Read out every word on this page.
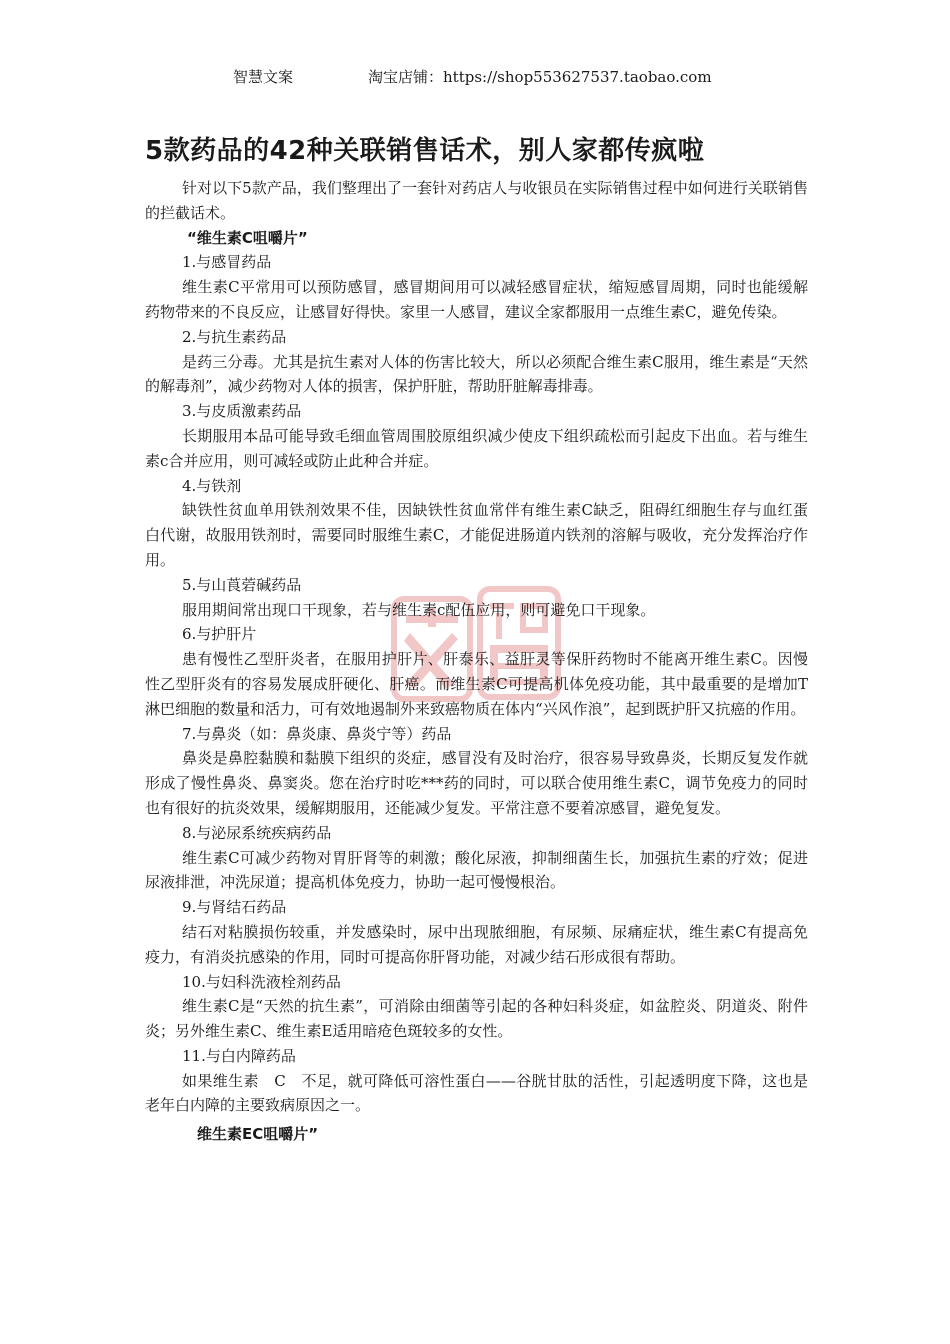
智慧文案	淘宝店铺：https://shop553627537.taobao.com
5款药品的42种关联销售话术，别人家都传疯啦

针对以下5款产品，我们整理出了一套针对药店人与收银员在实际销售过程中如何进行关联销售的拦截话术。

“维生素C咀嚼片”

1.与感冒药品

维生素C平常用可以预防感冒，感冒期间用可以减轻感冒症状，缩短感冒周期，同时也能缓解药物带来的不良反应，让感冒好得快。家里一人感冒，建议全家都服用一点维生素C，避免传染。

2.与抗生素药品

是药三分毒。尤其是抗生素对人体的伤害比较大，所以必须配合维生素C服用，维生素是“天然的解毒剂”，减少药物对人体的损害，保护肝脏，帮助肝脏解毒排毒。

3.与皮质激素药品

长期服用本品可能导致毛细血管周围胶原组织减少使皮下组织疏松而引起皮下出血。若与维生素c合并应用，则可减轻或防止此种合并症。

4.与铁剂

缺铁性贫血单用铁剂效果不佳，因缺铁性贫血常伴有维生素C缺乏，阻碍红细胞生存与血红蛋白代谢，故服用铁剂时，需要同时服维生素C，才能促进肠道内铁剂的溶解与吸收，充分发挥治疗作用。

5.与山莨菪碱药品

服用期间常出现口干现象，若与维生素c配伍应用，则可避免口干现象。

6.与护肝片

患有慢性乙型肝炎者，在服用护肝片、肝泰乐、益肝灵等保肝药物时不能离开维生素C。因慢性乙型肝炎有的容易发展成肝硬化、肝癌。而维生素C可提高机体免疫功能，其中最重要的是增加T淋巴细胞的数量和活力，可有效地遏制外来致癌物质在体内“兴风作浪”，起到既护肝又抗癌的作用。

7.与鼻炎（如：鼻炎康、鼻炎宁等）药品

鼻炎是鼻腔黏膜和黏膜下组织的炎症，感冒没有及时治疗，很容易导致鼻炎，长期反复发作就形成了慢性鼻炎、鼻窦炎。您在治疗时吃***药的同时，可以联合使用维生素C，调节免疫力的同时也有很好的抗炎效果，缓解期服用，还能减少复发。平常注意不要着凉感冒，避免复发。

8.与泌尿系统疾病药品

维生素C可减少药物对胃肝肾等的刺激；酸化尿液，抑制细菌生长，加强抗生素的疗效；促进尿液排泄，冲洗尿道；提高机体免疫力，协助一起可慢慢根治。

9.与肾结石药品

结石对粘膜损伤较重，并发感染时，尿中出现脓细胞，有尿频、尿痛症状，维生素C有提高免疫力，有消炎抗感染的作用，同时可提高你肝肾功能，对减少结石形成很有帮助。

10.与妇科洗液栓剂药品

维生素C是“天然的抗生素”，可消除由细菌等引起的各种妇科炎症，如盆腔炎、阴道炎、附件炎；另外维生素C、维生素E适用暗疮色斑较多的女性。

11.与白内障药品

如果维生素　C　不足，就可降低可溶性蛋白——谷胱甘肽的活性，引起透明度下降，这也是老年白内障的主要致病原因之一。

维生素EC咀嚼片”
